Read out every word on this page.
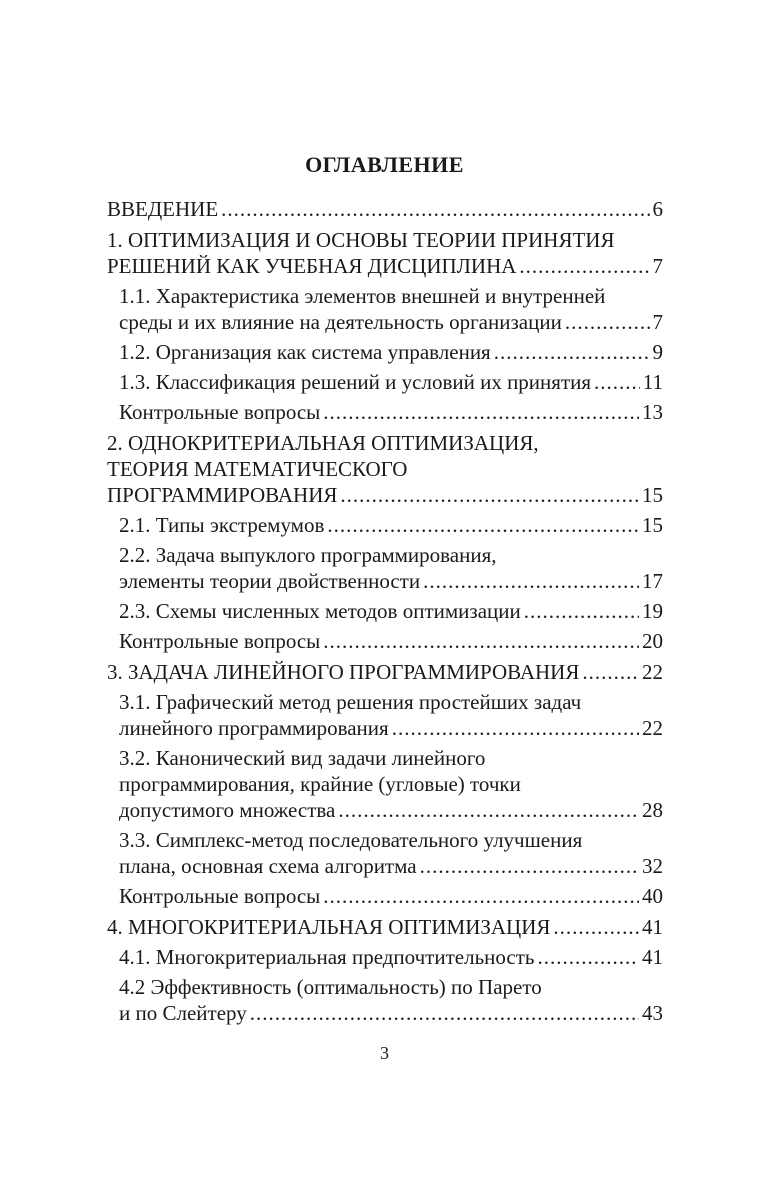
ОГЛАВЛЕНИЕ
ВВЕДЕНИЕ .....	6
1. ОПТИМИЗАЦИЯ И ОСНОВЫ ТЕОРИИ ПРИНЯТИЯ
РЕШЕНИЙ КАК УЧЕБНАЯ ДИСЦИПЛИНА .....	7
1.1. Характеристика элементов внешней и внутренней
среды и их влияние на деятельность организации .....	7
1.2. Организация как система управления .....	9
1.3. Классификация решений и условий их принятия ..... 11
Контрольные вопросы .....	13
2. ОДНОКРИТЕРИАЛЬНАЯ ОПТИМИЗАЦИЯ,
ТЕОРИЯ МАТЕМАТИЧЕСКОГО
ПРОГРАММИРОВАНИЯ .....	15
2.1. Типы экстремумов .....	15
2.2. Задача выпуклого программирования,
элементы теории двойственности .....	17
2.3. Схемы численных методов оптимизации .....	19
Контрольные вопросы .....	20
3. ЗАДАЧА ЛИНЕЙНОГО ПРОГРАММИРОВАНИЯ .....	22
3.1. Графический метод решения простейших задач
линейного программирования .....	22
3.2. Канонический вид задачи линейного
программирования, крайние (угловые) точки
допустимого множества .....	28
3.3. Симплекс-метод последовательного улучшения
плана, основная схема алгоритма .....	32
Контрольные вопросы .....	40
4. МНОГОКРИТЕРИАЛЬНАЯ ОПТИМИЗАЦИЯ .....	41
4.1. Многокритериальная предпочтительность .....	41
4.2 Эффективность (оптимальность) по Парето
и по Слейтеру .....	43
3
